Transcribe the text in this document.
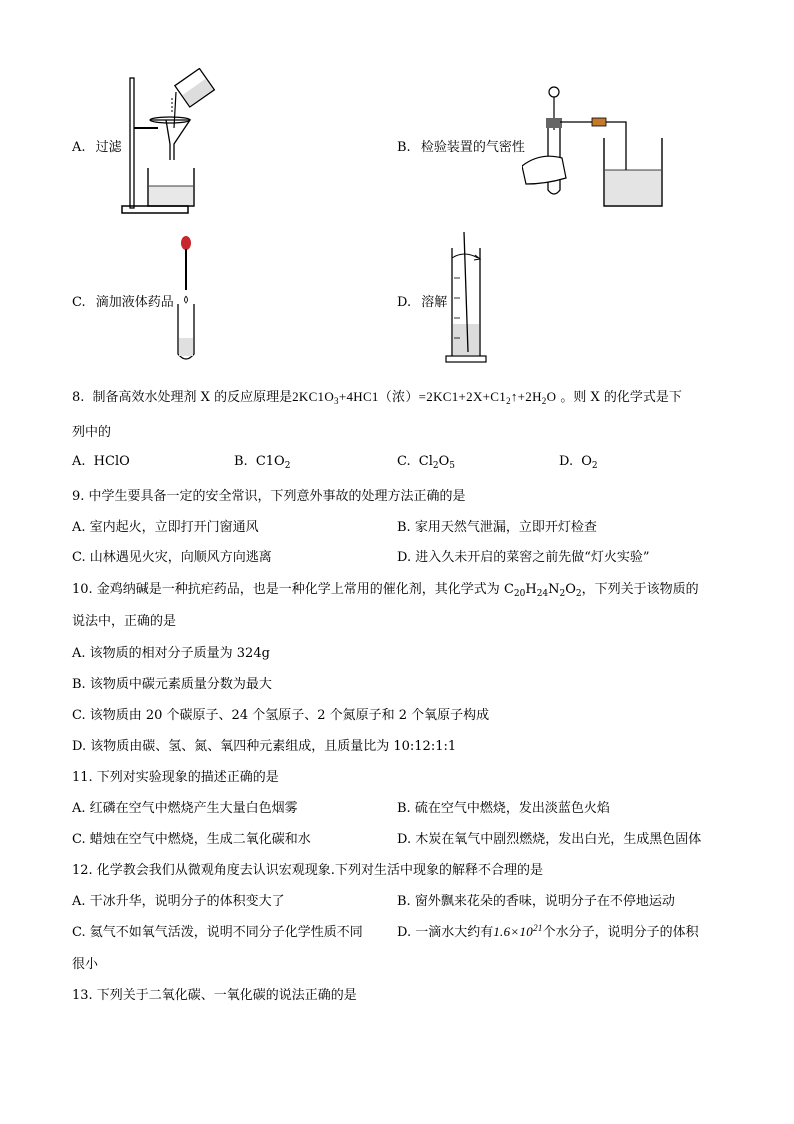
A. 过滤	B. 检验装置的气密性
C. 滴加液体药品	D. 溶解
8. 制备高效水处理剂 X 的反应原理是$2KC1O_3+4HC1$（浓）$=2KC1+2X+C1_2↑+2H_2O$ 。则 X 的化学式是下
列中的
A. HClO	B. $C1O_2$	C. $Cl_2O_5$	D. $O_2$
9. 中学生要具备一定的安全常识，下列意外事故的处理方法正确的是
A. 室内起火，立即打开门窗通风	B. 家用天然气泄漏，立即开灯检查
C. 山林遇见火灾，向顺风方向逃离	D. 进入久未开启的菜窖之前先做“灯火实验”
10. 金鸡纳碱是一种抗疟药品，也是一种化学上常用的催化剂，其化学式为 $C_{20}H_{24}N_2O_2$，下列关于该物质的
说法中，正确的是
A. 该物质的相对分子质量为 324g
B. 该物质中碳元素质量分数为最大
C. 该物质由 20 个碳原子、24 个氢原子、2 个氮原子和 2 个氧原子构成
D. 该物质由碳、氢、氮、氧四种元素组成，且质量比为 10:12:1:1
11. 下列对实验现象的描述正确的是
A. 红磷在空气中燃烧产生大量白色烟雾	B. 硫在空气中燃烧，发出淡蓝色火焰
C. 蜡烛在空气中燃烧，生成二氧化碳和水	D. 木炭在氧气中剧烈燃烧，发出白光，生成黑色固体
12. 化学教会我们从微观角度去认识宏观现象.下列对生活中现象的解释不合理的是
A. 干冰升华，说明分子的体积变大了	B. 窗外飘来花朵的香味，说明分子在不停地运动
C. 氦气不如氧气活泼，说明不同分子化学性质不同	D. 一滴水大约有$1.6\times 10^{21}$个水分子，说明分子的体积
很小
13. 下列关于二氧化碳、一氧化碳的说法正确的是
